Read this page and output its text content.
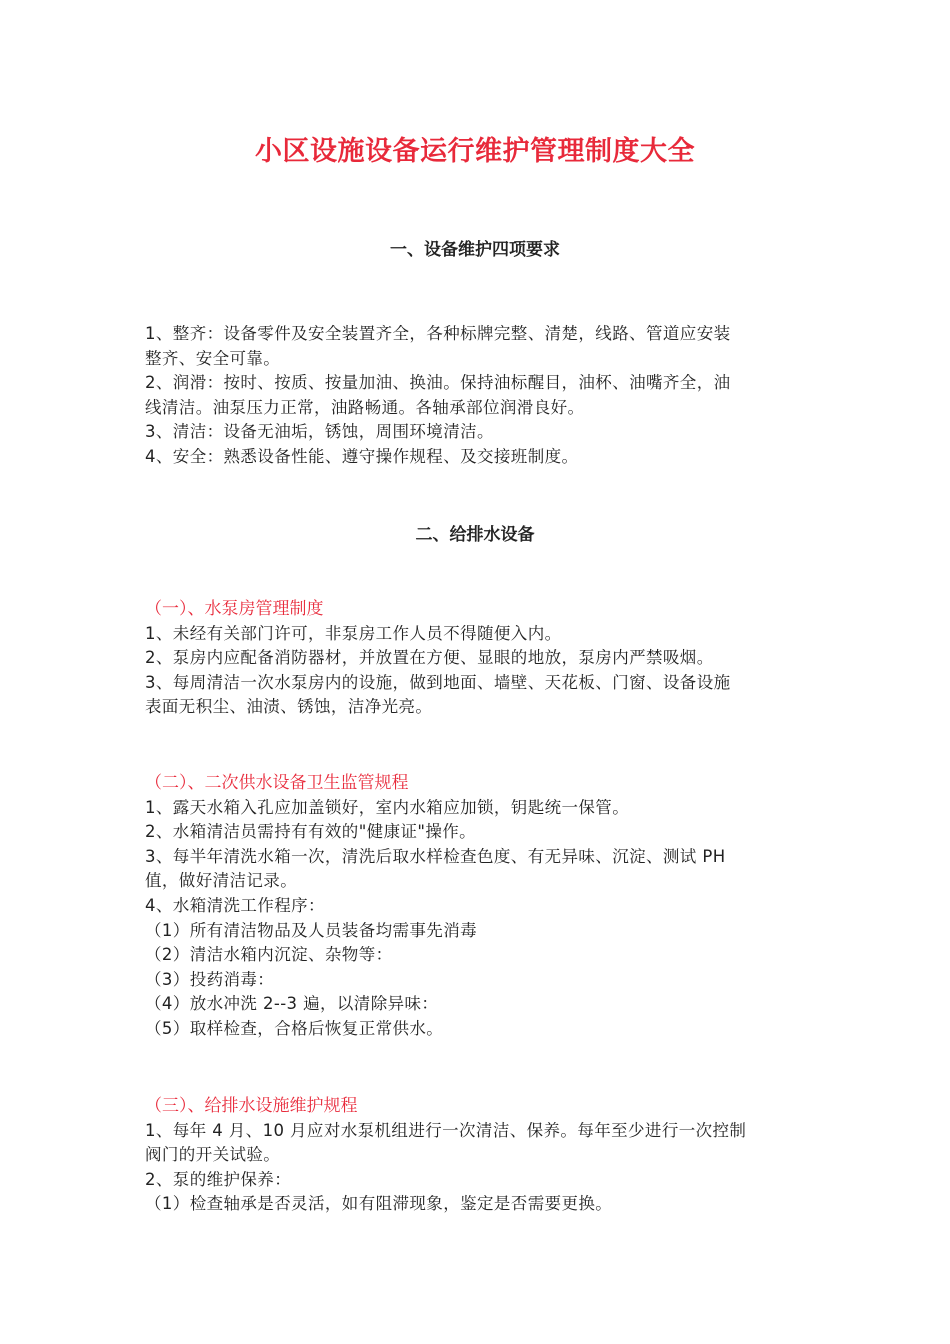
小区设施设备运行维护管理制度大全
一、设备维护四项要求

1、整齐：设备零件及安全装置齐全，各种标牌完整、清楚，线路、管道应安装

整齐、安全可靠。

2、润滑：按时、按质、按量加油、换油。保持油标醒目，油杯、油嘴齐全，油

线清洁。油泵压力正常，油路畅通。各轴承部位润滑良好。

3、清洁：设备无油垢，锈蚀，周围环境清洁。

4、安全：熟悉设备性能、遵守操作规程、及交接班制度。

二、给排水设备

（一）、水泵房管理制度

1、未经有关部门许可，非泵房工作人员不得随便入内。

2、泵房内应配备消防器材，并放置在方便、显眼的地放，泵房内严禁吸烟。

3、每周清洁一次水泵房内的设施，做到地面、墙壁、天花板、门窗、设备设施

表面无积尘、油渍、锈蚀，洁净光亮。

（二）、二次供水设备卫生监管规程

1、露天水箱入孔应加盖锁好，室内水箱应加锁，钥匙统一保管。

2、水箱清洁员需持有有效的"健康证"操作。

3、每半年清洗水箱一次，清洗后取水样检查色度、有无异味、沉淀、测试 PH

值，做好清洁记录。

4、水箱清洗工作程序：

（1）所有清洁物品及人员装备均需事先消毒

（2）清洁水箱内沉淀、杂物等：

（3）投药消毒：

（4）放水冲洗 2--3 遍，以清除异味：

（5）取样检查，合格后恢复正常供水。

（三）、给排水设施维护规程

1、每年 4 月、10 月应对水泵机组进行一次清洁、保养。每年至少进行一次控制

阀门的开关试验。

2、泵的维护保养：

（1）检查轴承是否灵活，如有阻滞现象，鉴定是否需要更换。
